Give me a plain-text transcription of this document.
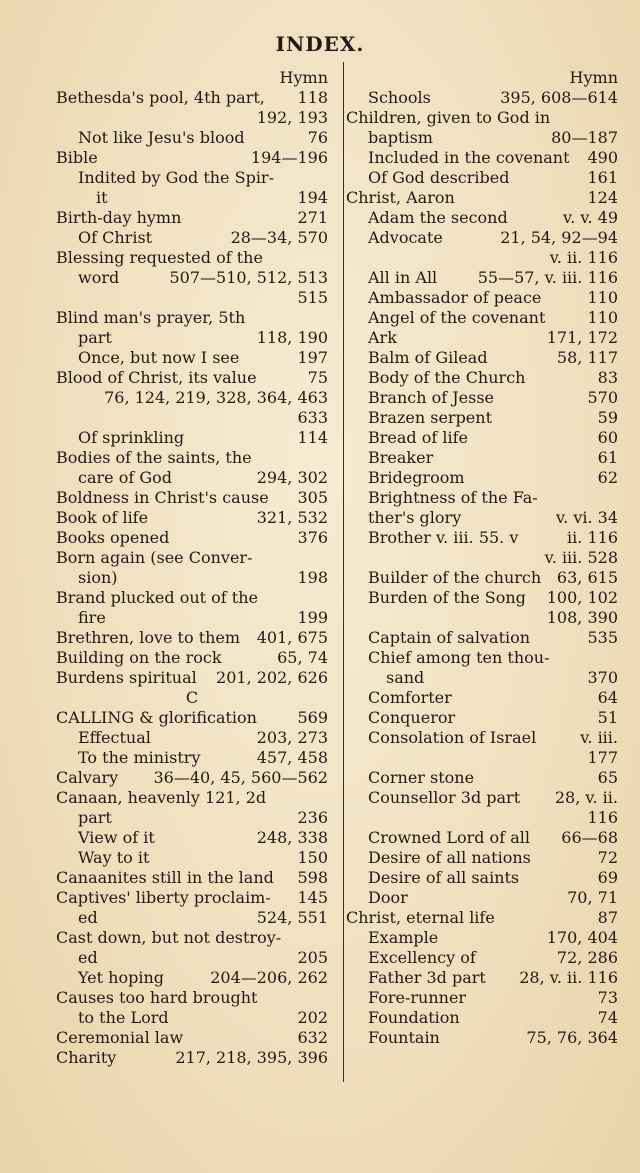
INDEX.
Hymn
Bethesda's pool, 4th part, 118
192, 193
Not like Jesu's blood	76
Bible	194—196
Indited by God the Spir-
it	194
Birth-day hymn	271
Of Christ	28—34, 570
Blessing requested of the
word	507—510, 512, 513
515
Blind man's prayer, 5th
part	118, 190
Once, but now I see	197
Blood of Christ, its value	75
76, 124, 219, 328, 364, 463
633
Of sprinkling	114
Bodies of the saints, the
care of God	294, 302
Boldness in Christ's cause 305
Book of life	321, 532
Books opened	376
Born again (see Conver-
sion)	198
Brand plucked out of the
fire	199
Brethren, love to them 401, 675
Building on the rock	65, 74
Burdens spiritual 201, 202, 626
C
CALLING & glorification	569
Effectual	203, 273
To the ministry	457, 458
Calvary 36—40, 45, 560—562
Canaan, heavenly 121, 2d
part	236
View of it	248, 338
Way to it	150
Canaanites still in the land 598
Captives' liberty proclaim- 145
ed	524, 551
Cast down, but not destroy-
ed	205
Yet hoping	204—206, 262
Causes too hard brought
to the Lord	202
Ceremonial law	632
Charity	217, 218, 395, 396
Hymn
Schools	395, 608—614
Children, given to God in
baptism	80—187
Included in the covenant 490
Of God described	161
Christ, Aaron	124
Adam the second	v. v. 49
Advocate	21, 54, 92—94
v. ii. 116
All in All	55—57, v. iii. 116
Ambassador of peace	110
Angel of the covenant	110
Ark	171, 172
Balm of Gilead	58, 117
Body of the Church	83
Branch of Jesse	570
Brazen serpent	59
Bread of life	60
Breaker	61
Bridegroom	62
Brightness of the Fa-
ther's glory	v. vi. 34
Brother v. iii. 55. v	ii. 116
v. iii. 528
Builder of the church 63, 615
Burden of the Song 100, 102
108, 390
Captain of salvation	535
Chief among ten thou-
sand	370
Comforter	64
Conqueror	51
Consolation of Israel	v. iii.
177
Corner stone	65
Counsellor 3d part 28, v. ii.
116
Crowned Lord of all 66—68
Desire of all nations	72
Desire of all saints	69
Door	70, 71
Christ, eternal life	87
Example	170, 404
Excellency of	72, 286
Father 3d part 28, v. ii. 116
Fore-runner	73
Foundation	74
Fountain	75, 76, 364
